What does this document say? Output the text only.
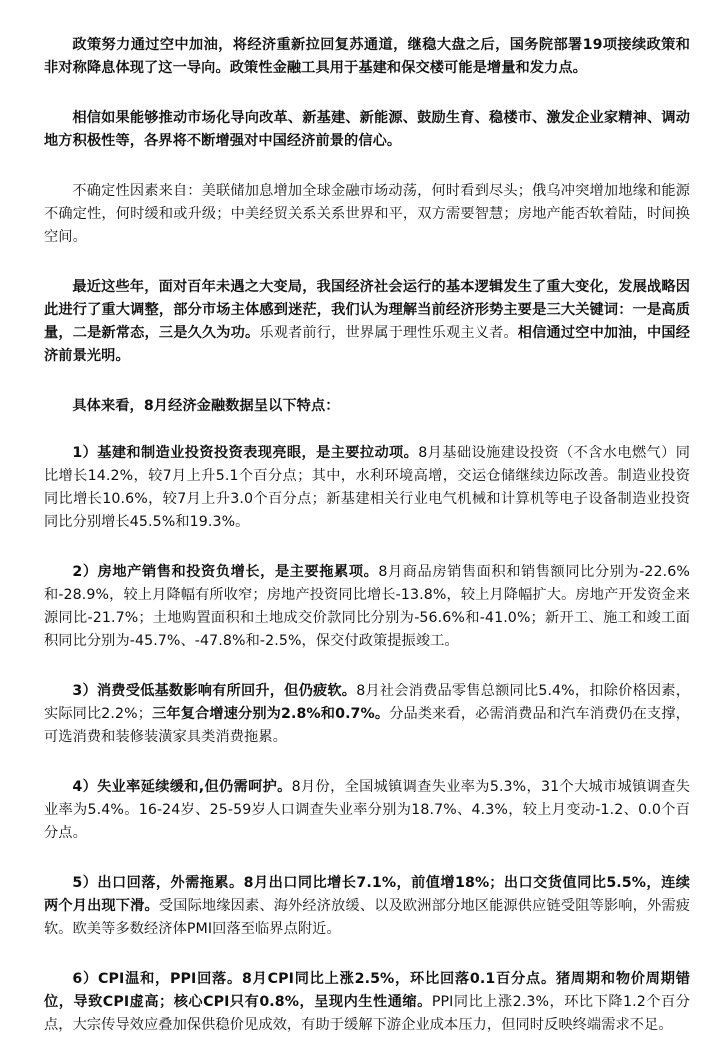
政策努力通过空中加油，将经济重新拉回复苏通道，继稳大盘之后，国务院部署19项接续政策和非对称降息体现了这一导向。政策性金融工具用于基建和保交楼可能是增量和发力点。

相信如果能够推动市场化导向改革、新基建、新能源、鼓励生育、稳楼市、激发企业家精神、调动地方积极性等，各界将不断增强对中国经济前景的信心。

不确定性因素来自：美联储加息增加全球金融市场动荡，何时看到尽头；俄乌冲突增加地缘和能源不确定性，何时缓和或升级；中美经贸关系关系世界和平，双方需要智慧；房地产能否软着陆，时间换空间。

最近这些年，面对百年未遇之大变局，我国经济社会运行的基本逻辑发生了重大变化，发展战略因此进行了重大调整，部分市场主体感到迷茫，我们认为理解当前经济形势主要是三大关键词：一是高质量，二是新常态，三是久久为功。乐观者前行，世界属于理性乐观主义者。相信通过空中加油，中国经济前景光明。

具体来看，8月经济金融数据呈以下特点：

1）基建和制造业投资投资表现亮眼，是主要拉动项。8月基础设施建设投资（不含水电燃气）同比增长14.2%，较7月上升5.1个百分点；其中，水利环境高增，交运仓储继续边际改善。制造业投资同比增长10.6%，较7月上升3.0个百分点；新基建相关行业电气机械和计算机等电子设备制造业投资同比分别增长45.5%和19.3%。

2）房地产销售和投资负增长，是主要拖累项。8月商品房销售面积和销售额同比分别为-22.6%和-28.9%，较上月降幅有所收窄；房地产投资同比增长-13.8%，较上月降幅扩大。房地产开发资金来源同比-21.7%；土地购置面积和土地成交价款同比分别为-56.6%和-41.0%；新开工、施工和竣工面积同比分别为-45.7%、-47.8%和-2.5%，保交付政策提振竣工。

3）消费受低基数影响有所回升，但仍疲软。8月社会消费品零售总额同比5.4%，扣除价格因素，实际同比2.2%；三年复合增速分别为2.8%和0.7%。分品类来看，必需消费品和汽车消费仍在支撑，可选消费和装修装潢家具类消费拖累。

4）失业率延续缓和,但仍需呵护。8月份，全国城镇调查失业率为5.3%，31个大城市城镇调查失业率为5.4%。16-24岁、25-59岁人口调查失业率分别为18.7%、4.3%，较上月变动-1.2、0.0个百分点。

5）出口回落，外需拖累。8月出口同比增长7.1%，前值增18%；出口交货值同比5.5%，连续两个月出现下滑。受国际地缘因素、海外经济放缓、以及欧洲部分地区能源供应链受阻等影响，外需疲软。欧美等多数经济体PMI回落至临界点附近。

6）CPI温和，PPI回落。8月CPI同比上涨2.5%，环比回落0.1百分点。猪周期和物价周期错位，导致CPI虚高；核心CPI只有0.8%，呈现内生性通缩。PPI同比上涨2.3%，环比下降1.2个百分点，大宗传导效应叠加保供稳价见成效，有助于缓解下游企业成本压力，但同时反映终端需求不足。
